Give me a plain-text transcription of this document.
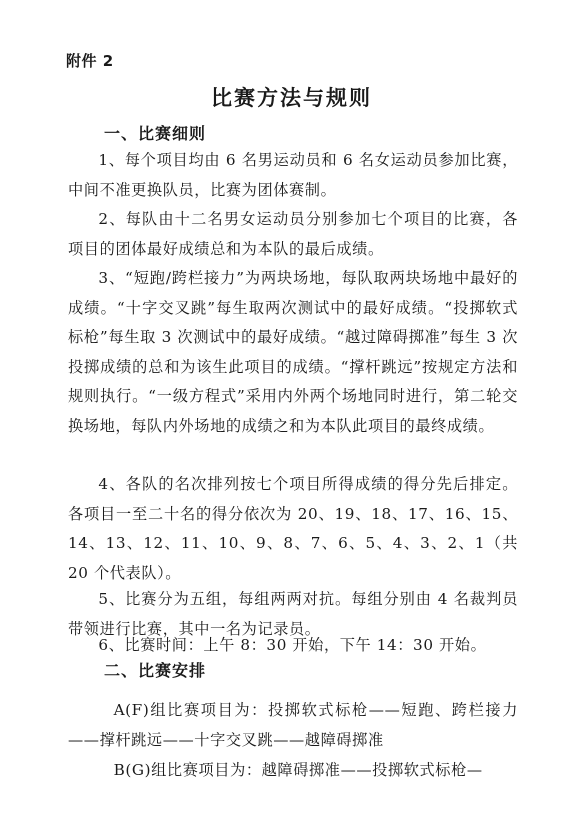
附件 2
比赛方法与规则
一、比赛细则
1、每个项目均由 6 名男运动员和 6 名女运动员参加比赛，中间不准更换队员，比赛为团体赛制。
2、每队由十二名男女运动员分别参加七个项目的比赛，各项目的团体最好成绩总和为本队的最后成绩。
3、“短跑/跨栏接力”为两块场地，每队取两块场地中最好的成绩。“十字交叉跳”每生取两次测试中的最好成绩。“投掷软式标枪”每生取 3 次测试中的最好成绩。“越过障碍掷准”每生 3 次投掷成绩的总和为该生此项目的成绩。“撑杆跳远”按规定方法和规则执行。“一级方程式”采用内外两个场地同时进行，第二轮交换场地，每队内外场地的成绩之和为本队此项目的最终成绩。
4、各队的名次排列按七个项目所得成绩的得分先后排定。各项目一至二十名的得分依次为 20、19、18、17、16、15、14、13、12、11、10、9、8、7、6、5、4、3、2、1（共 20 个代表队）。
5、比赛分为五组，每组两两对抗。每组分别由 4 名裁判员带领进行比赛，其中一名为记录员。
6、比赛时间：上午 8：30 开始，下午 14：30 开始。
二、比赛安排
A(F)组比赛项目为：投掷软式标枪——短跑、跨栏接力——撑杆跳远——十字交叉跳——越障碍掷准
B(G)组比赛项目为：越障碍掷准——投掷软式标枪—
